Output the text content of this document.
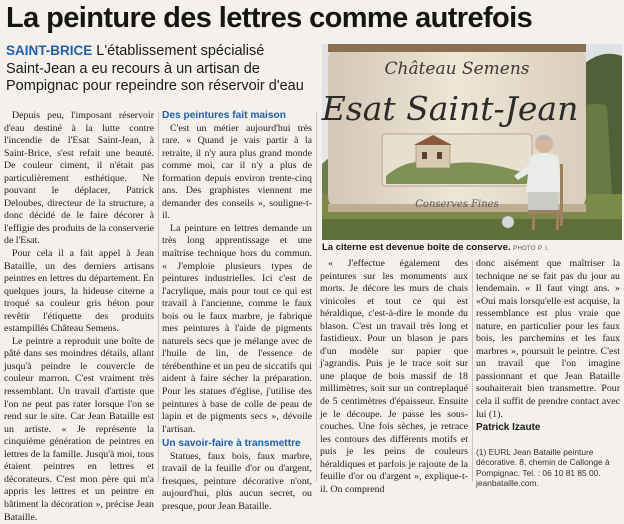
La peinture des lettres comme autrefois
SAINT-BRICE L'établissement spécialisé Saint-Jean a eu recours à un artisan de Pompignac pour repeindre son réservoir d'eau
Château Semens
Esat Saint-Jean
Conserves Fines
La citerne est devenue boîte de conserve. PHOTO P. I.

Depuis peu, l'imposant réservoir d'eau destiné à la lutte contre l'incendie de l'Esat Saint-Jean, à Saint-Brice, s'est refait une beauté. De couleur ciment, il n'était pas particulièrement esthétique. Ne pouvant le déplacer, Patrick Deloubes, directeur de la structure, a donc décidé de le faire décorer à l'effigie des produits de la conserverie de l'Esat.

Pour cela il a fait appel à Jean Bataille, un des derniers artisans peintres en lettres du département. En quelques jours, la hideuse citerne a troqué sa couleur gris béton pour revêtir l'étiquette des produits estampillés Château Semens.

Le peintre a reproduit une boîte de pâté dans ses moindres détails, allant jusqu'à peindre le couvercle de couleur marron. C'est vraiment très ressemblant. Un travail d'artiste que l'on ne peut pas rater lorsque l'on se rend sur le site. Car Jean Bataille est un artiste. « Je représente la cinquième génération de peintres en lettres de la famille. Jusqu'à moi, tous étaient peintres en lettres et décorateurs. C'est mon père qui m'a appris les lettres et un peintre en bâtiment la décoration », précise Jean Bataille.

Des peintures fait maison

C'est un métier aujourd'hui très rare. « Quand je vais partir à la retraite, il n'y aura plus grand monde comme moi, car il n'y a plus de formation depuis environ trente-cinq ans. Des graphistes viennent me demander des conseils », souligne-t-il.

La peinture en lettres demande un très long apprentissage et une maîtrise technique hors du commun. « J'emploie plusieurs types de peintures industrielles. Ici c'est de l'acrylique, mais pour tout ce qui est travail à l'ancienne, comme le faux bois ou le faux marbre, je fabrique mes peintures à l'aide de pigments naturels secs que je mélange avec de l'huile de lin, de l'essence de térébenthine et un peu de siccatifs qui aident à faire sécher la préparation. Pour les statues d'église, j'utilise des peintures à base de colle de peau de lapin et de pigments secs », dévoile l'artisan.

Un savoir-faire à transmettre

Statues, faux bois, faux marbre, travail de la feuille d'or ou d'argent, fresques, peinture décorative n'ont, aujourd'hui, plus aucun secret, ou presque, pour Jean Bataille.

« J'effectue également des peintures sur les monuments aux morts. Je décore les murs de chais vinicoles et tout ce qui est héraldique, c'est-à-dire le monde du blason. C'est un travail très long et fastidieux. Pour un blason je pars d'un modèle sur papier que j'agrandis. Puis je le trace soit sur une plaque de bois massif de 18 millimètres, soit sur un contreplaqué de 5 centimètres d'épaisseur. Ensuite je le découpe. Je passe les sous-couches. Une fois sèches, je retrace les contours des différents motifs et puis je les peins de couleurs héraldiques et parfois je rajoute de la feuille d'or ou d'argent », explique-t-il. On comprend

donc aisément que maîtriser la technique ne se fait pas du jour au lendemain. « Il faut vingt ans. » «Oui mais lorsqu'elle est acquise, la ressemblance est plus vraie que nature, en particulier pour les faux bois, les parchemins et les faux marbres », poursuit le peintre. C'est un travail que l'on imagine passionnant et que Jean Bataille souhaiterait bien transmettre. Pour cela il suffit de prendre contact avec lui (1).

Patrick Izaute

(1) EURL Jean Bataille peinture décorative. 8, chemin de Callonge à Pompignac. Tel. : 06 10 81 85 00. jeanbataille.com.
